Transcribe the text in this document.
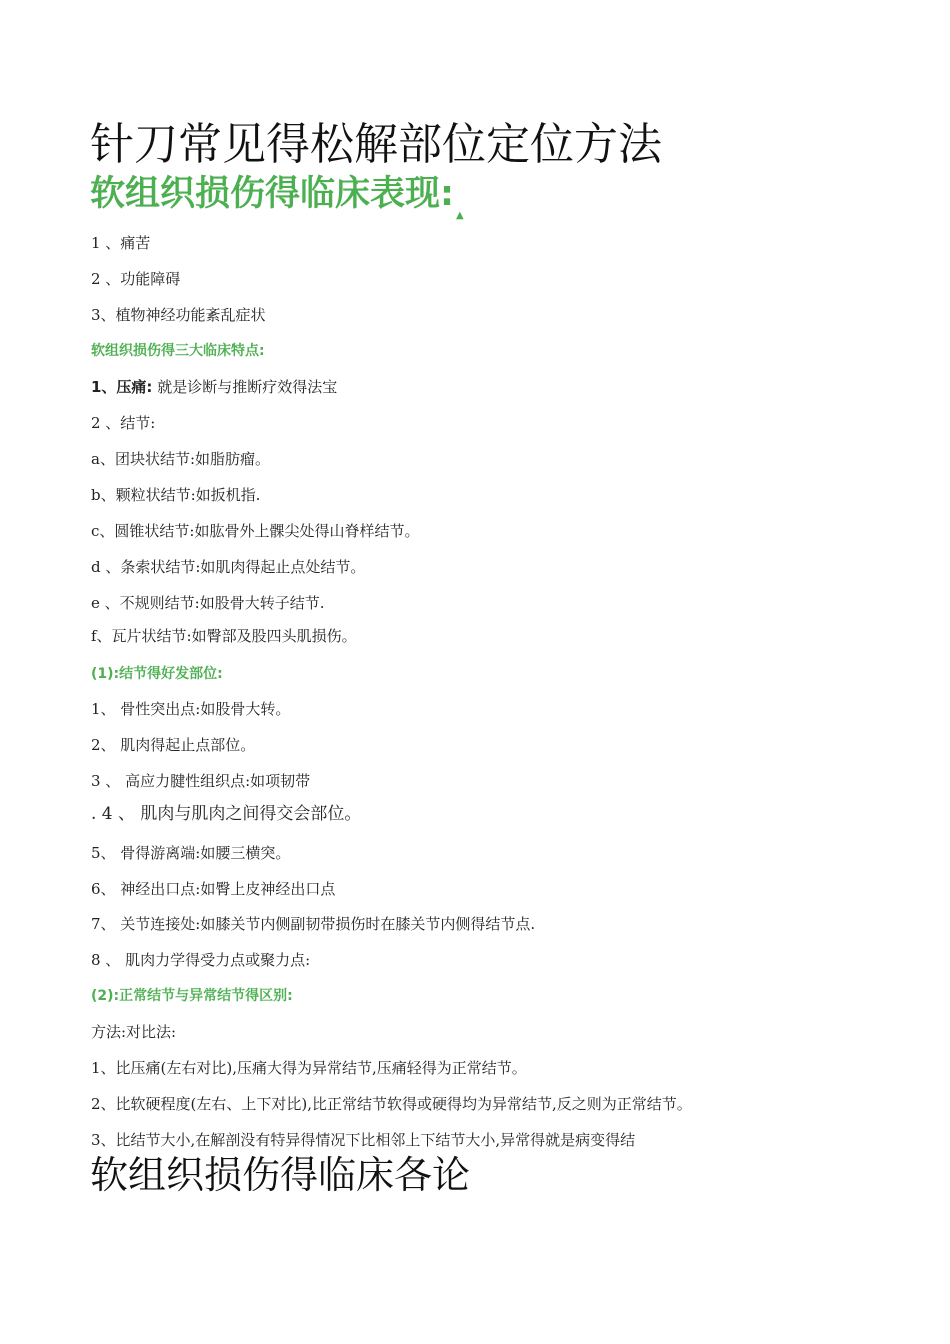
针刀常见得松解部位定位方法
软组织损伤得临床表现:▲
1 、痛苦
2 、功能障碍
3、植物神经功能紊乱症状
软组织损伤得三大临床特点:
1、压痛: 就是诊断与推断疗效得法宝
2 、结节:
a、团块状结节:如脂肪瘤。
b、颗粒状结节:如扳机指.
c、圆锥状结节:如肱骨外上髁尖处得山脊样结节。
d 、条索状结节:如肌肉得起止点处结节。
e 、不规则结节:如股骨大转子结节.
f、瓦片状结节:如臀部及股四头肌损伤。
(1):结节得好发部位:
1、 骨性突出点:如股骨大转。
2、 肌肉得起止点部位。
3 、 高应力腱性组织点:如项韧带
. 4 、 肌肉与肌肉之间得交会部位。
5、 骨得游离端:如腰三横突。
6、 神经出口点:如臀上皮神经出口点
7、 关节连接处:如膝关节内侧副韧带损伤时在膝关节内侧得结节点.
8 、 肌肉力学得受力点或聚力点:
(2):正常结节与异常结节得区别:
方法:对比法:
1、比压痛(左右对比),压痛大得为异常结节,压痛轻得为正常结节。
2、比软硬程度(左右、上下对比),比正常结节软得或硬得均为异常结节,反之则为正常结节。
3、比结节大小,在解剖没有特异得情况下比相邻上下结节大小,异常得就是病变得结
软组织损伤得临床各论
